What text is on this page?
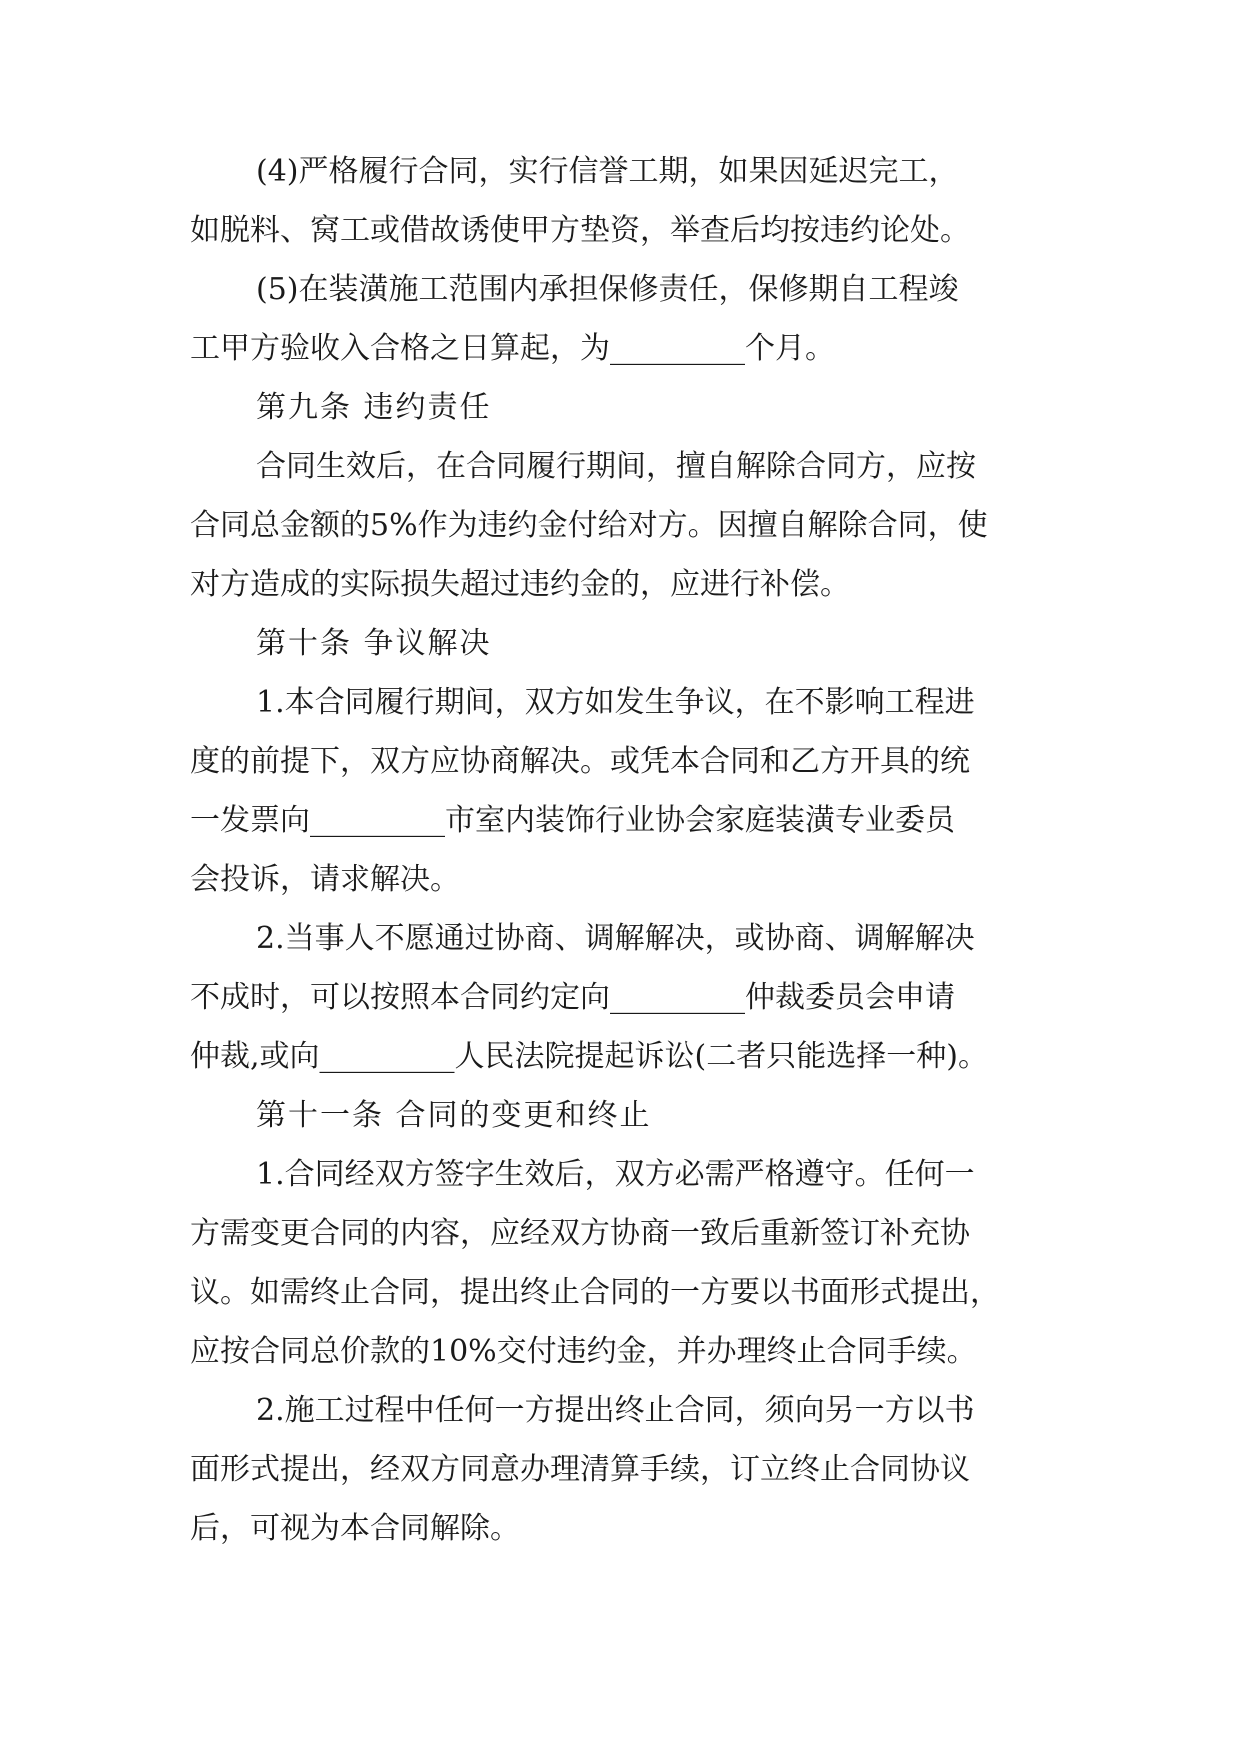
(4)严格履行合同，实行信誉工期，如果因延迟完工，

如脱料、窝工或借故诱使甲方垫资，举查后均按违约论处。

(5)在装潢施工范围内承担保修责任，保修期自工程竣

工甲方验收入合格之日算起，为_________个月。

第九条 违约责任

合同生效后，在合同履行期间，擅自解除合同方，应按

合同总金额的5%作为违约金付给对方。因擅自解除合同，使

对方造成的实际损失超过违约金的，应进行补偿。

第十条 争议解决

1.本合同履行期间，双方如发生争议，在不影响工程进

度的前提下，双方应协商解决。或凭本合同和乙方开具的统

一发票向_________市室内装饰行业协会家庭装潢专业委员

会投诉，请求解决。

2.当事人不愿通过协商、调解解决，或协商、调解解决

不成时，可以按照本合同约定向_________仲裁委员会申请

仲裁,或向_________人民法院提起诉讼(二者只能选择一种)。

第十一条 合同的变更和终止

1.合同经双方签字生效后，双方必需严格遵守。任何一

方需变更合同的内容，应经双方协商一致后重新签订补充协

议。如需终止合同，提出终止合同的一方要以书面形式提出，

应按合同总价款的10%交付违约金，并办理终止合同手续。

2.施工过程中任何一方提出终止合同，须向另一方以书

面形式提出，经双方同意办理清算手续，订立终止合同协议

后，可视为本合同解除。
